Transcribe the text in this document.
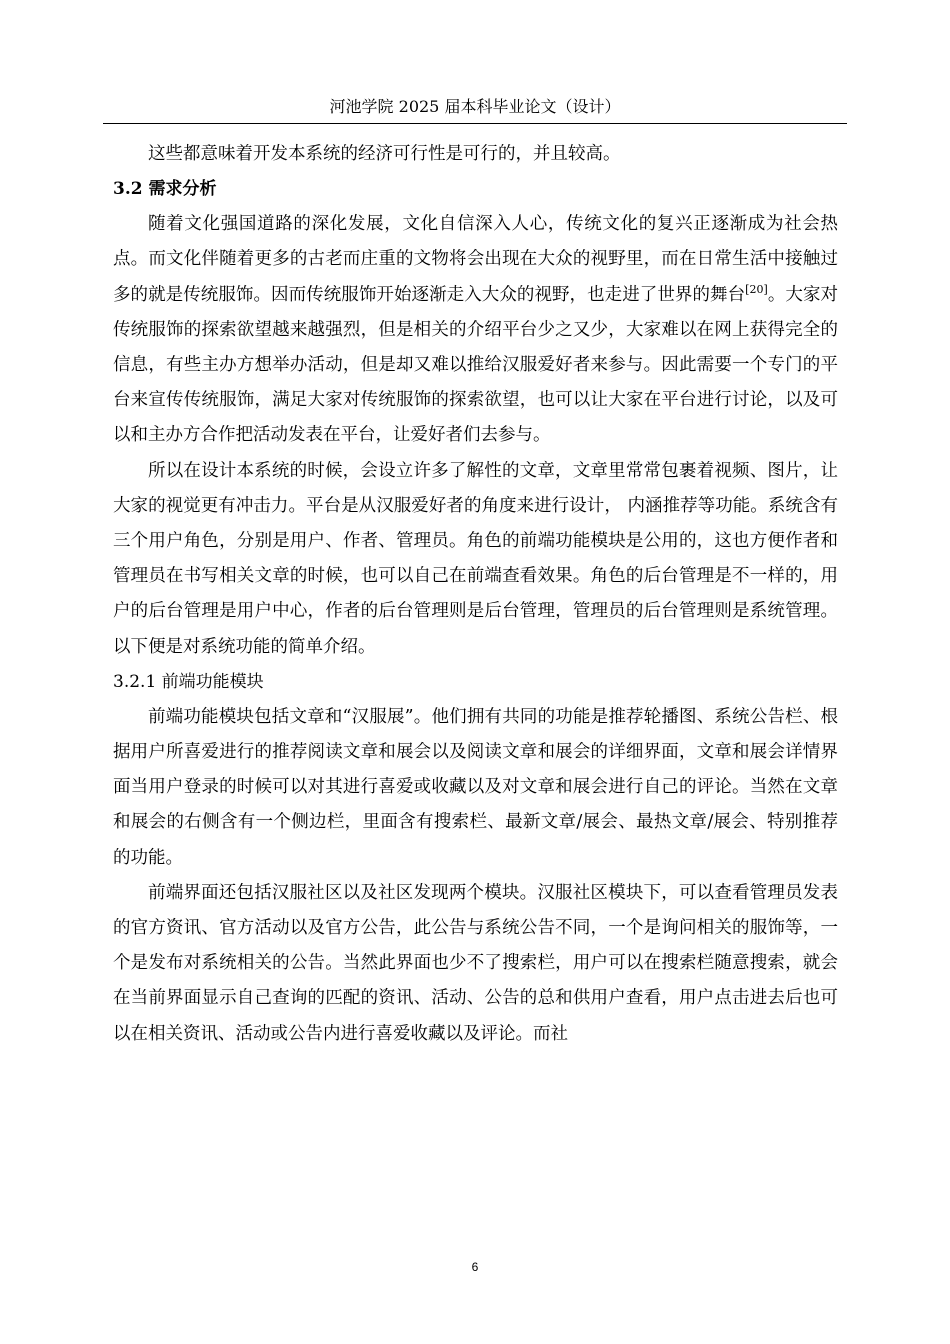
河池学院 2025 届本科毕业论文（设计）

这些都意味着开发本系统的经济可行性是可行的，并且较高。

3.2 需求分析

随着文化强国道路的深化发展，文化自信深入人心，传统文化的复兴正逐渐成为社会热点。而文化伴随着更多的古老而庄重的文物将会出现在大众的视野里，而在日常生活中接触过多的就是传统服饰。因而传统服饰开始逐渐走入大众的视野，也走进了世界的舞台[20]。大家对传统服饰的探索欲望越来越强烈，但是相关的介绍平台少之又少，大家难以在网上获得完全的信息，有些主办方想举办活动，但是却又难以推给汉服爱好者来参与。因此需要一个专门的平台来宣传传统服饰，满足大家对传统服饰的探索欲望，也可以让大家在平台进行讨论，以及可以和主办方合作把活动发表在平台，让爱好者们去参与。

所以在设计本系统的时候，会设立许多了解性的文章，文章里常常包裹着视频、图片，让大家的视觉更有冲击力。平台是从汉服爱好者的角度来进行设计， 内涵推荐等功能。系统含有三个用户角色，分别是用户、作者、管理员。角色的前端功能模块是公用的，这也方便作者和管理员在书写相关文章的时候，也可以自己在前端查看效果。角色的后台管理是不一样的，用户的后台管理是用户中心，作者的后台管理则是后台管理，管理员的后台管理则是系统管理。以下便是对系统功能的简单介绍。

3.2.1 前端功能模块

前端功能模块包括文章和“汉服展”。他们拥有共同的功能是推荐轮播图、系统公告栏、根据用户所喜爱进行的推荐阅读文章和展会以及阅读文章和展会的详细界面，文章和展会详情界面当用户登录的时候可以对其进行喜爱或收藏以及对文章和展会进行自己的评论。当然在文章和展会的右侧含有一个侧边栏，里面含有搜索栏、最新文章/展会、最热文章/展会、特别推荐的功能。

前端界面还包括汉服社区以及社区发现两个模块。汉服社区模块下，可以查看管理员发表的官方资讯、官方活动以及官方公告，此公告与系统公告不同，一个是询问相关的服饰等，一个是发布对系统相关的公告。当然此界面也少不了搜索栏，用户可以在搜索栏随意搜索，就会在当前界面显示自己查询的匹配的资讯、活动、公告的总和供用户查看，用户点击进去后也可以在相关资讯、活动或公告内进行喜爱收藏以及评论。而社

6
